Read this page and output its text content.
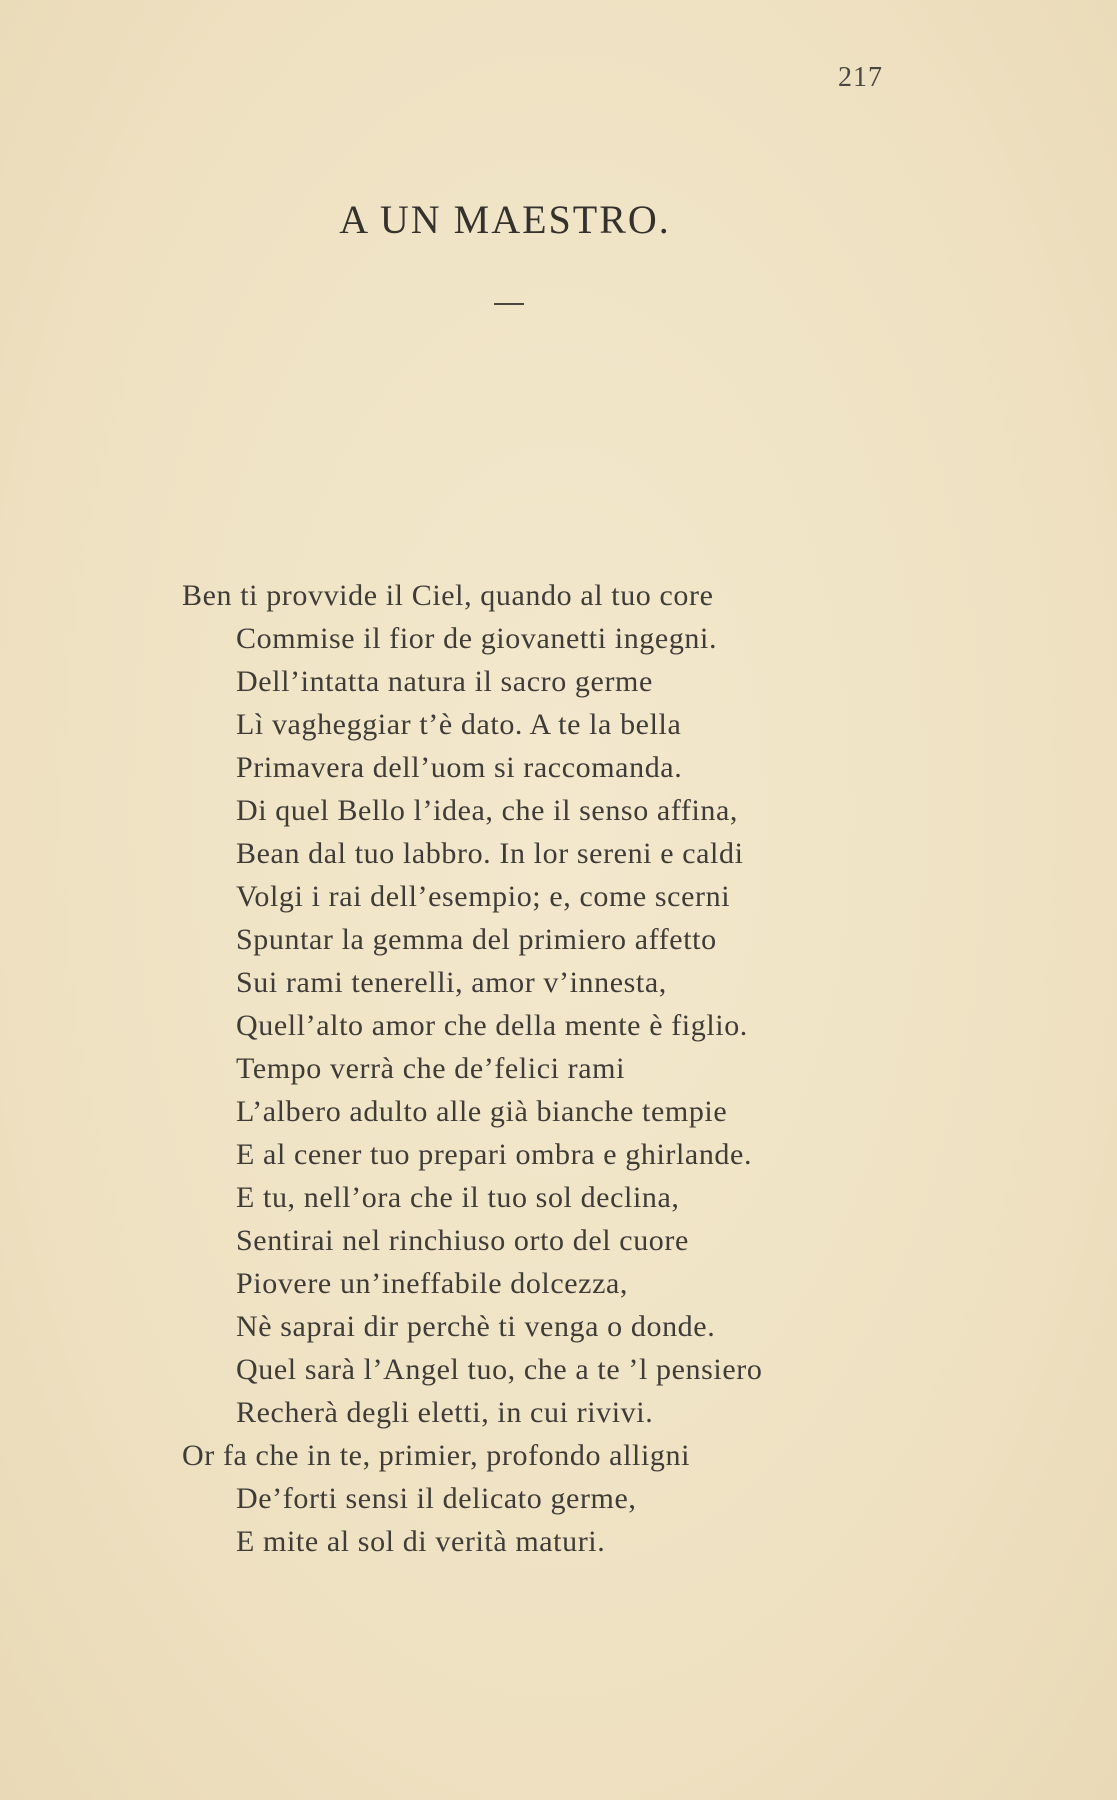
217
A UN MAESTRO.
Ben ti provvide il Ciel, quando al tuo core
Commise il fior de giovanetti ingegni.
Dell’intatta natura il sacro germe
Lì vagheggiar t’è dato. A te la bella
Primavera dell’uom si raccomanda.
Di quel Bello l’idea, che il senso affina,
Bean dal tuo labbro. In lor sereni e caldi
Volgi i rai dell’esempio; e, come scerni
Spuntar la gemma del primiero affetto
Sui rami tenerelli, amor v’innesta,
Quell’alto amor che della mente è figlio.
Tempo verrà che de’felici rami
L’albero adulto alle già bianche tempie
E al cener tuo prepari ombra e ghirlande.
E tu, nell’ora che il tuo sol declina,
Sentirai nel rinchiuso orto del cuore
Piovere un’ineffabile dolcezza,
Nè saprai dir perchè ti venga o donde.
Quel sarà l’Angel tuo, che a te ’l pensiero
Recherà degli eletti, in cui rivivi.
Or fa che in te, primier, profondo alligni
De’forti sensi il delicato germe,
E mite al sol di verità maturi.
